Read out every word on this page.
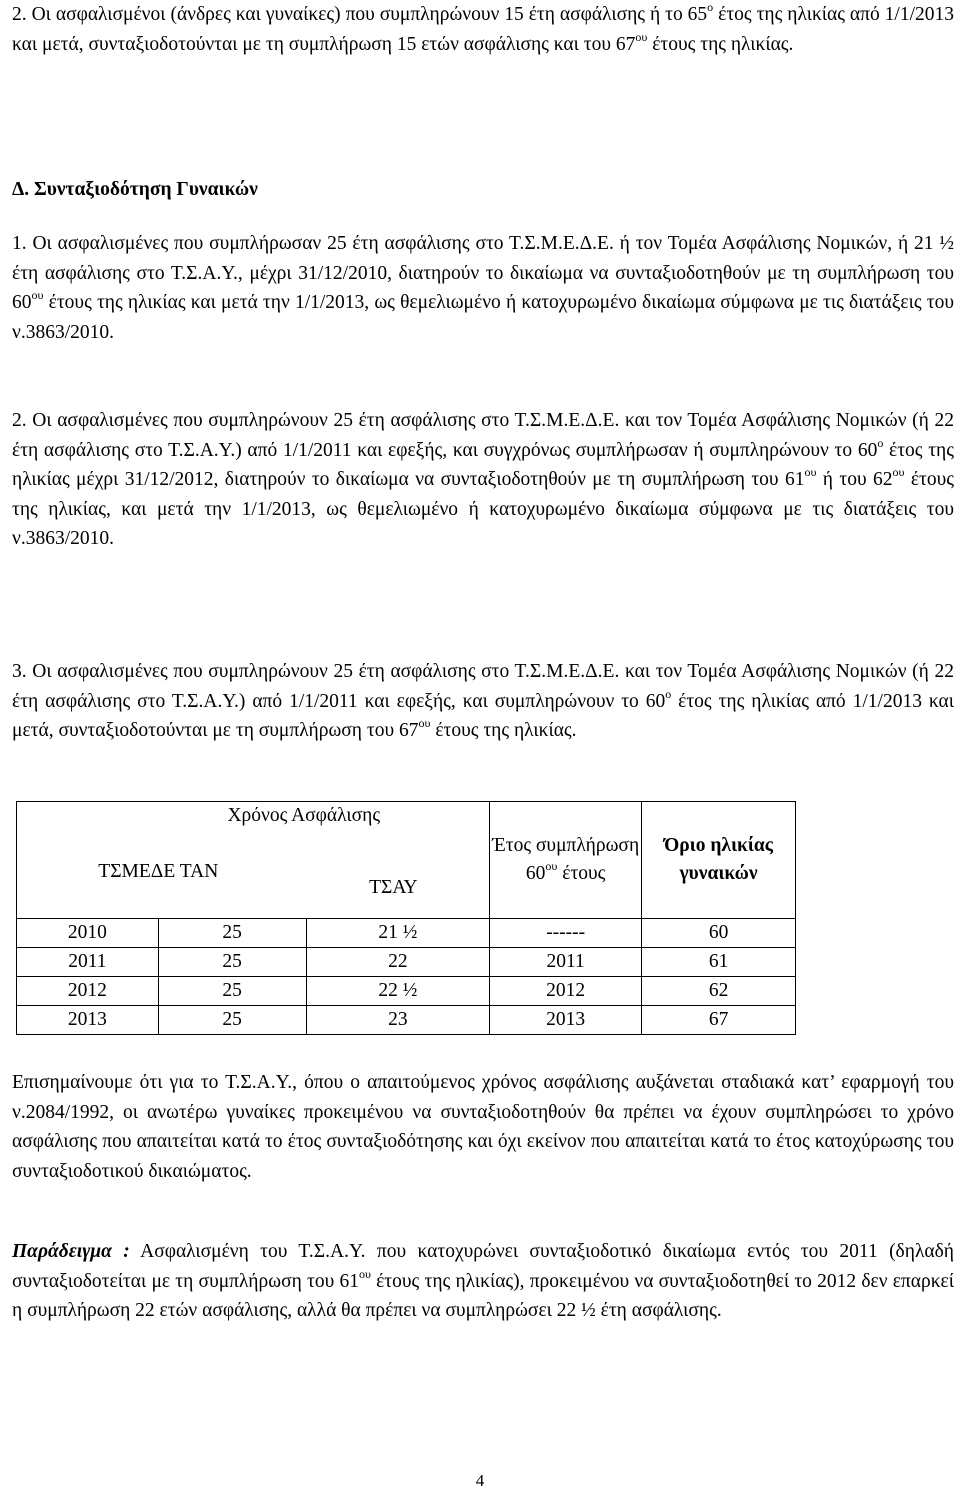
2. Οι ασφαλισμένοι (άνδρες και γυναίκες) που συμπληρώνουν 15 έτη ασφάλισης ή το $65^o$ έτος της ηλικίας από 1/1/2013 και μετά, συνταξιοδοτούνται με τη συμπλήρωση 15 ετών ασφάλισης και του $67^{o\upsilon}$ έτους της ηλικίας.

Δ. Συνταξιοδότηση Γυναικών

1. Οι ασφαλισμένες που συμπλήρωσαν 25 έτη ασφάλισης στο Τ.Σ.Μ.Ε.Δ.Ε. ή τον Τομέα Ασφάλισης Νομικών, ή 21 ½ έτη ασφάλισης στο Τ.Σ.Α.Υ., μέχρι 31/12/2010, διατηρούν το δικαίωμα να συνταξιοδοτηθούν με τη συμπλήρωση του $60^{o\upsilon}$ έτους της ηλικίας και μετά την 1/1/2013, ως θεμελιωμένο ή κατοχυρωμένο δικαίωμα σύμφωνα με τις διατάξεις του ν.3863/2010.

2. Οι ασφαλισμένες που συμπληρώνουν 25 έτη ασφάλισης στο Τ.Σ.Μ.Ε.Δ.Ε. και τον Τομέα Ασφάλισης Νομικών (ή 22 έτη ασφάλισης στο Τ.Σ.Α.Υ.) από 1/1/2011 και εφεξής, και συγχρόνως συμπλήρωσαν ή συμπληρώνουν το $60^o$ έτος της ηλικίας μέχρι 31/12/2012, διατηρούν το δικαίωμα να συνταξιοδοτηθούν με τη συμπλήρωση του $61^{o\upsilon}$ ή του $62^{o\upsilon}$ έτους της ηλικίας, και μετά την 1/1/2013, ως θεμελιωμένο ή κατοχυρωμένο δικαίωμα σύμφωνα με τις διατάξεις του ν.3863/2010.

3. Οι ασφαλισμένες που συμπληρώνουν 25 έτη ασφάλισης στο Τ.Σ.Μ.Ε.Δ.Ε. και τον Τομέα Ασφάλισης Νομικών (ή 22 έτη ασφάλισης στο Τ.Σ.Α.Υ.) από 1/1/2011 και εφεξής, και συμπληρώνουν το $60^o$ έτος της ηλικίας από 1/1/2013 και μετά, συνταξιοδοτούνται με τη συμπλήρωση του $67^{o\upsilon}$ έτους της ηλικίας.

	Χρόνος Ασφάλισης
ΤΣΜΕΔΕ ΤΑΝ
ΤΣΑΥ		Έτος συμπλήρωση $60^{o\upsilon}$ έτους	Όριο ηλικίας γυναικών
2010	25	21 ½	------	60
2011	25	22	2011	61
2012	25	22 ½	2012	62
2013	25	23	2013	67

Επισημαίνουμε ότι για το Τ.Σ.Α.Υ., όπου ο απαιτούμενος χρόνος ασφάλισης αυξάνεται σταδιακά κατ’ εφαρμογή του ν.2084/1992, οι ανωτέρω γυναίκες προκειμένου να συνταξιοδοτηθούν θα πρέπει να έχουν συμπληρώσει το χρόνο ασφάλισης που απαιτείται κατά το έτος συνταξιοδότησης και όχι εκείνον που απαιτείται κατά το έτος κατοχύρωσης του συνταξιοδοτικού δικαιώματος.

Παράδειγμα : Ασφαλισμένη του Τ.Σ.Α.Υ. που κατοχυρώνει συνταξιοδοτικό δικαίωμα εντός του 2011 (δηλαδή συνταξιοδοτείται με τη συμπλήρωση του $61^{o\upsilon}$ έτους της ηλικίας), προκειμένου να συνταξιοδοτηθεί το 2012 δεν επαρκεί η συμπλήρωση 22 ετών ασφάλισης, αλλά θα πρέπει να συμπληρώσει 22 ½ έτη ασφάλισης.

4
